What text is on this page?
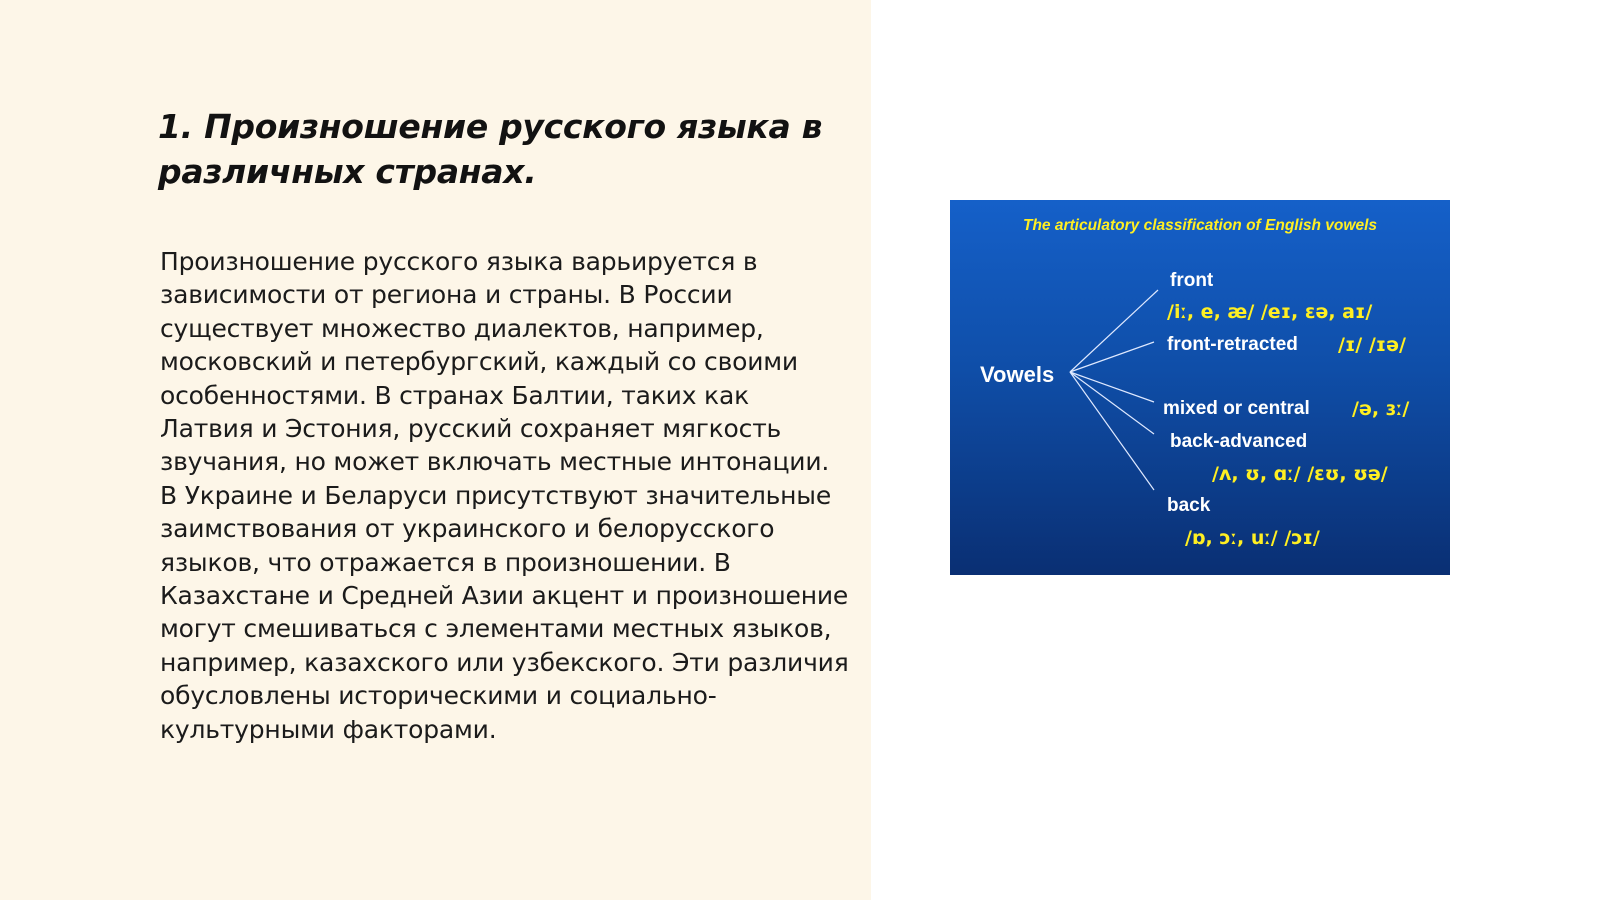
1. Произношение русского языка в различных странах.

Произношение русского языка варьируется в зависимости от региона и страны. В России существует множество диалектов, например, московский и петербургский, каждый со своими особенностями. В странах Балтии, таких как Латвия и Эстония, русский сохраняет мягкость звучания, но может включать местные интонации. В Украине и Беларуси присутствуют значительные заимствования от украинского и белорусского языков, что отражается в произношении. В Казахстане и Средней Азии акцент и произношение могут смешиваться с элементами местных языков, например, казахского или узбекского. Эти различия обусловлены историческими и социально-культурными факторами.

The articulatory classification of English vowels
Vowels
front
/iː, e, æ/ /eɪ, ɛə, aɪ/
front-retracted /ɪ/ /ɪə/
mixed or central /ə, ɜː/
back-advanced
/ʌ, ʊ, ɑː/ /ɛʊ, ʊə/
back
/ɒ, ɔː, uː/ /ɔɪ/
